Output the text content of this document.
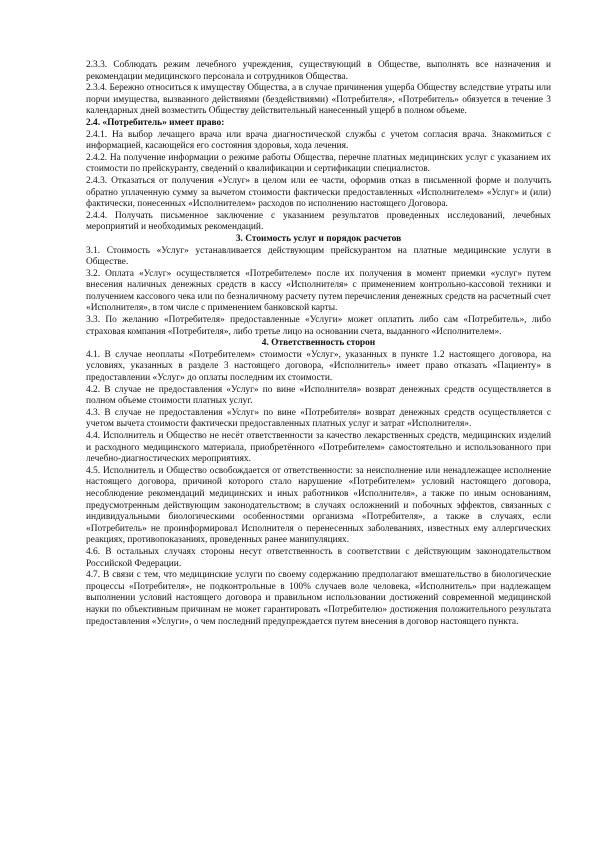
2.3.3. Соблюдать режим лечебного учреждения, существующий в Обществе, выполнять все назначения и рекомендации медицинского персонала и сотрудников Общества.

2.3.4. Бережно относиться к имуществу Общества, а в случае причинения ущерба Обществу вследствие утраты или порчи имущества, вызванного действиями (бездействиями) «Потребителя», «Потребитель» обязуется в течение 3 календарных дней возместить Обществу действительный нанесенный ущерб в полном объеме.

2.4. «Потребитель» имеет право:

2.4.1. На выбор лечащего врача или врача диагностической службы с учетом согласия врача. Знакомиться с информацией, касающейся его состояния здоровья, хода лечения.

2.4.2. На получение информации о режиме работы Общества, перечне платных медицинских услуг с указанием их стоимости по прейскуранту, сведений о квалификации и сертификации специалистов.

2.4.3. Отказаться от получения «Услуг» в целом или ее части, оформив отказ в письменной форме и получить обратно уплаченную сумму за вычетом стоимости фактически предоставленных «Исполнителем» «Услуг» и (или) фактически, понесенных «Исполнителем» расходов по исполнению настоящего Договора.

2.4.4. Получать письменное заключение с указанием результатов проведенных исследований, лечебных мероприятий и необходимых рекомендаций.

3. Стоимость услуг и порядок расчетов

3.1. Стоимость «Услуг» устанавливается действующим прейскурантом на платные медицинские услуги в Обществе.

3.2. Оплата «Услуг» осуществляется «Потребителем» после их получения в момент приемки «услуг» путем внесения наличных денежных средств в кассу «Исполнителя» с применением контрольно-кассовой техники и получением кассового чека или по безналичному расчету путем перечисления денежных средств на расчетный счет «Исполнителя», в том числе с применением банковской карты.

3.3. По желанию «Потребителя» предоставленные «Услуги» может оплатить либо сам «Потребитель», либо страховая компания «Потребителя», либо третье лицо на основании счета, выданного «Исполнителем».

4. Ответственность сторон

4.1. В случае неоплаты «Потребителем» стоимости «Услуг», указанных в пункте 1.2 настоящего договора, на условиях, указанных в разделе 3 настоящего договора, «Исполнитель» имеет право отказать «Пациенту» в предоставлении «Услуг» до оплаты последним их стоимости.

4.2. В случае не предоставления «Услуг» по вине «Исполнителя» возврат денежных средств осуществляется в полном объеме стоимости платных услуг.

4.3. В случае не предоставления «Услуг» по вине «Потребителя» возврат денежных средств осуществляется с учетом вычета стоимости фактически предоставленных платных услуг и затрат «Исполнителя».

4.4. Исполнитель и Общество не несёт ответственности за качество лекарственных средств, медицинских изделий и расходного медицинского материала, приобретённого «Потребителем» самостоятельно и использованного при лечебно-диагностических мероприятиях.

4.5. Исполнитель и Общество освобождается от ответственности: за неисполнение или ненадлежащее исполнение настоящего договора, причиной которого стало нарушение «Потребителем» условий настоящего договора, несоблюдение рекомендаций медицинских и иных работников «Исполнителя», а также по иным основаниям, предусмотренным действующим законодательством; в случаях осложнений и побочных эффектов, связанных с индивидуальными биологическими особенностями организма «Потребителя», а также в случаях, если «Потребитель» не проинформировал Исполнителя о перенесенных заболеваниях, известных ему аллергических реакциях, противопоказаниях, проведенных ранее манипуляциях.

4.6. В остальных случаях стороны несут ответственность в соответствии с действующим законодательством Российской Федерации.

4.7. В связи с тем, что медицинские услуги по своему содержанию предполагают вмешательство в биологические процессы «Потребителя», не подконтрольные в 100% случаев воле человека, «Исполнитель» при надлежащем выполнении условий настоящего договора и правильном использовании достижений современной медицинской науки по объективным причинам не может гарантировать «Потребителю» достижения положительного результата предоставления «Услуги», о чем последний предупреждается путем внесения в договор настоящего пункта.
